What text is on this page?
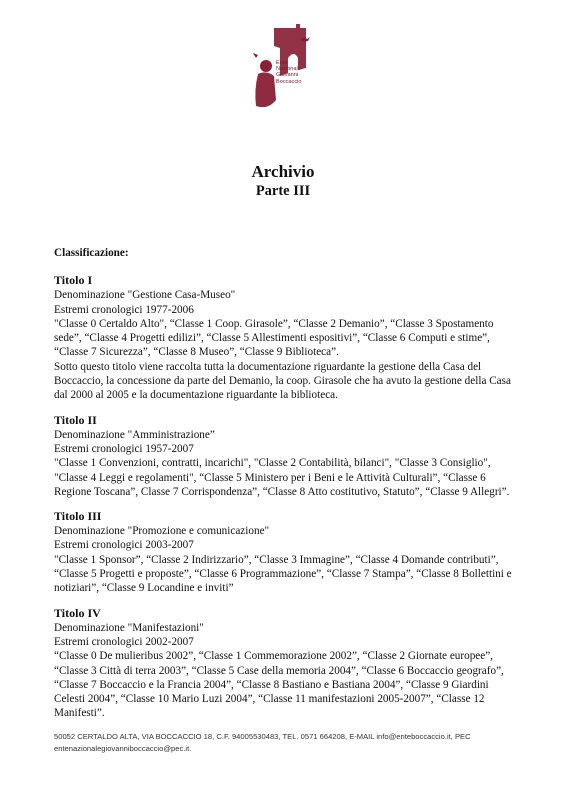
Ente
Nazionale
Giovanni
Boccaccio
Archivio
Parte III
Classificazione:
Titolo I
Denominazione "Gestione Casa-Museo"
Estremi cronologici 1977-2006
"Classe 0 Certaldo Alto", “Classe 1 Coop. Girasole”, “Classe 2 Demanio”, “Classe 3 Spostamento sede”, “Classe 4 Progetti edilizi”, “Classe 5 Allestimenti espositivi”, “Classe 6 Computi e stime”, “Classe 7 Sicurezza”, “Classe 8 Museo”, “Classe 9 Biblioteca”.
Sotto questo titolo viene raccolta tutta la documentazione riguardante la gestione della Casa del Boccaccio, la concessione da parte del Demanio, la coop. Girasole che ha avuto la gestione della Casa dal 2000 al 2005 e la documentazione riguardante la biblioteca.
Titolo II
Denominazione "Amministrazione”
Estremi cronologici 1957-2007
"Classe 1 Convenzioni, contratti, incarichi", "Classe 2 Contabilità, bilanci", "Classe 3 Consiglio", "Classe 4 Leggi e regolamenti", “Classe 5 Ministero per i Beni e le Attività Culturali”, “Classe 6 Regione Toscana”, Classe 7 Corrispondenza”, “Classe 8 Atto costitutivo, Statuto”, “Classe 9 Allegri”.
Titolo III
Denominazione "Promozione e comunicazione"
Estremi cronologici 2003-2007
"Classe 1 Sponsor”, “Classe 2 Indirizzario”, “Classe 3 Immagine”, “Classe 4 Domande contributi”, “Classe 5 Progetti e proposte”, “Classe 6 Programmazione”, “Classe 7 Stampa”, “Classe 8 Bollettini e notiziari”, “Classe 9 Locandine e inviti”
Titolo IV
Denominazione "Manifestazioni"
Estremi cronologici 2002-2007
“Classe 0 De mulieribus 2002”, “Classe 1 Commemorazione 2002”, “Classe 2 Giornate europee”, “Classe 3 Città di terra 2003”, “Classe 5 Case della memoria 2004”, “Classe 6 Boccaccio geografo”, “Classe 7 Boccaccio e la Francia 2004”, “Classe 8 Bastiano e Bastiana 2004”, “Classe 9 Giardini Celesti 2004”, “Classe 10 Mario Luzi 2004”, “Classe 11 manifestazioni 2005-2007”, “Classe 12 Manifesti”.
50052 CERTALDO ALTA, VIA BOCCACCIO 18, C.F. 94005530483, TEL. 0571 664208, E-MAIL info@enteboccaccio.it, PEC
entenazionalegiovanniboccaccio@pec.it.
